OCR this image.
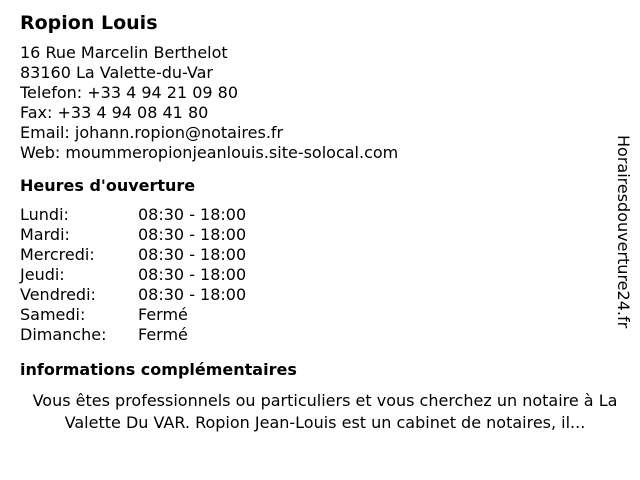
Ropion Louis
16 Rue Marcelin Berthelot
83160 La Valette-du-Var
Telefon: +33 4 94 21 09 80
Fax: +33 4 94 08 41 80
Email: johann.ropion@notaires.fr
Web: moummeropionjeanlouis.site-solocal.com
Heures d'ouverture
Lundi:	08:30 - 18:00
Mardi:	08:30 - 18:00
Mercredi:	08:30 - 18:00
Jeudi:	08:30 - 18:00
Vendredi:	08:30 - 18:00
Samedi:	Fermé
Dimanche:	Fermé
informations complémentaires
Vous êtes professionnels ou particuliers et vous cherchez un notaire à La Valette Du VAR. Ropion Jean-Louis est un cabinet de notaires, il...
Horairesdouverture24.fr
